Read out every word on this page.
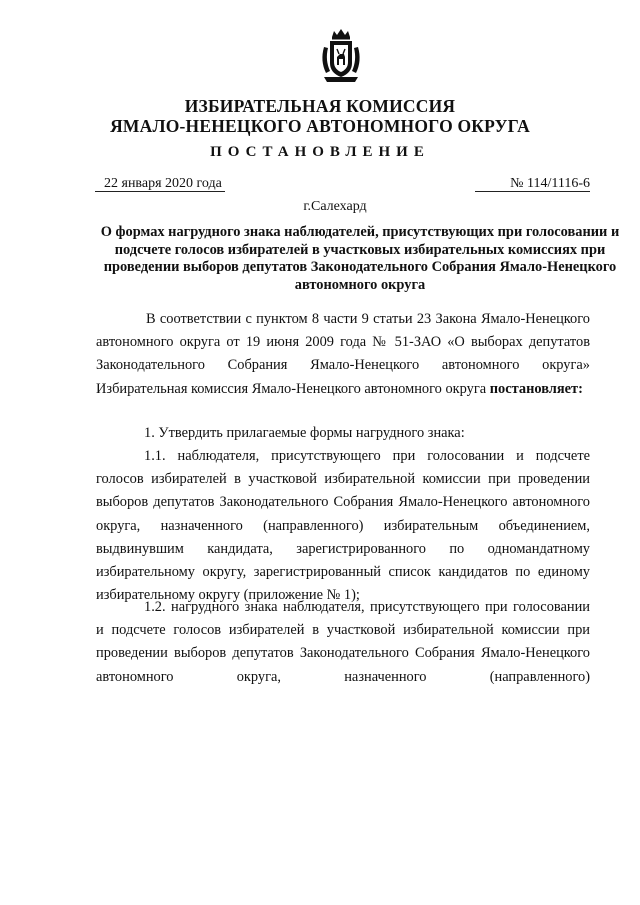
ИЗБИРАТЕЛЬНАЯ КОМИССИЯ
ЯМАЛО-НЕНЕЦКОГО АВТОНОМНОГО ОКРУГА
ПОСТАНОВЛЕНИЕ
22 января 2020 года	№ 114/1116-6
г.Салехард
О формах нагрудного знака наблюдателей, присутствующих при голосовании и подсчете голосов избирателей в участковых избирательных комиссиях при проведении выборов депутатов Законодательного Собрания Ямало-Ненецкого автономного округа
В соответствии с пунктом 8 части 9 статьи 23 Закона Ямало-Ненецкого автономного округа от 19 июня 2009 года № 51-ЗАО «О выборах депутатов Законодательного Собрания Ямало-Ненецкого автономного округа» Избирательная комиссия Ямало-Ненецкого автономного округа постановляет:
1. Утвердить прилагаемые формы нагрудного знака:
1.1. наблюдателя, присутствующего при голосовании и подсчете голосов избирателей в участковой избирательной комиссии при проведении выборов депутатов Законодательного Собрания Ямало-Ненецкого автономного округа, назначенного (направленного) избирательным объединением, выдвинувшим кандидата, зарегистрированного по одномандатному избирательному округу, зарегистрированный список кандидатов по единому избирательному округу (приложение № 1);
1.2. нагрудного знака наблюдателя, присутствующего при голосовании и подсчете голосов избирателей в участковой избирательной комиссии при проведении выборов депутатов Законодательного Собрания Ямало-Ненецкого автономного округа, назначенного (направленного)
